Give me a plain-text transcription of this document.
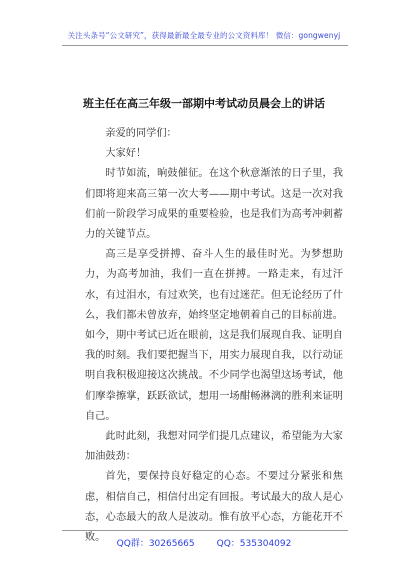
关注头条号“公文研究”，获得最新最全最专业的公文资料库！ 微信：gongwenyj
班主任在高三年级一部期中考试动员晨会上的讲话

亲爱的同学们：

大家好！

时节如流，晌鼓催征。在这个秋意渐浓的日子里，我们即将迎来高三第一次大考——期中考试。这是一次对我们前一阶段学习成果的重要检验，也是我们为高考冲刺蓄力的关键节点。

高三是享受拼搏、奋斗人生的最佳时光。为梦想助力，为高考加油，我们一直在拼搏。一路走来，有过汗水，有过泪水，有过欢笑，也有过迷茫。但无论经历了什么，我们都未曾放弃，始终坚定地朝着自己的目标前进。如今，期中考试已近在眼前，这是我们展现自我、证明自我的时刻。我们要把握当下，用实力展现自我，以行动证明自我积极迎接这次挑战。不少同学也渴望这场考试，他们摩拳擦掌，跃跃欲试，想用一场酣畅淋漓的胜利来证明自己。

此时此刻，我想对同学们提几点建议，希望能为大家加油鼓劲：

首先，要保持良好稳定的心态。不要过分紧张和焦虑，相信自己，相信付出定有回报。考试最大的敌人是心态，心态最大的敌人是波动。惟有放平心态，方能花开不败。

QQ群：30265665 QQ：535304092
